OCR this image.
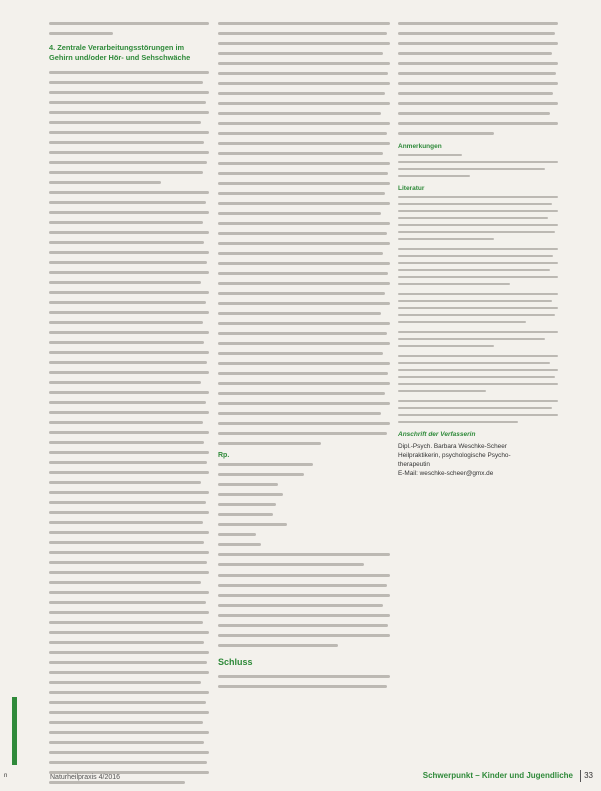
4. Zentrale Verarbeitungsstörungen im Gehirn und/oder Hör- und Sehschwäche
Rp.
Schluss
Anmerkungen
Literatur
Anschrift der Verfasserin
Dipl.-Psych. Barbara Weschke-Scheer
Heilpraktikerin, psychologische Psycho-
therapeutin
E-Mail: weschke-scheer@gmx.de
n	Naturheilpraxis 4/2016	Schwerpunkt – Kinder und Jugendliche 33
